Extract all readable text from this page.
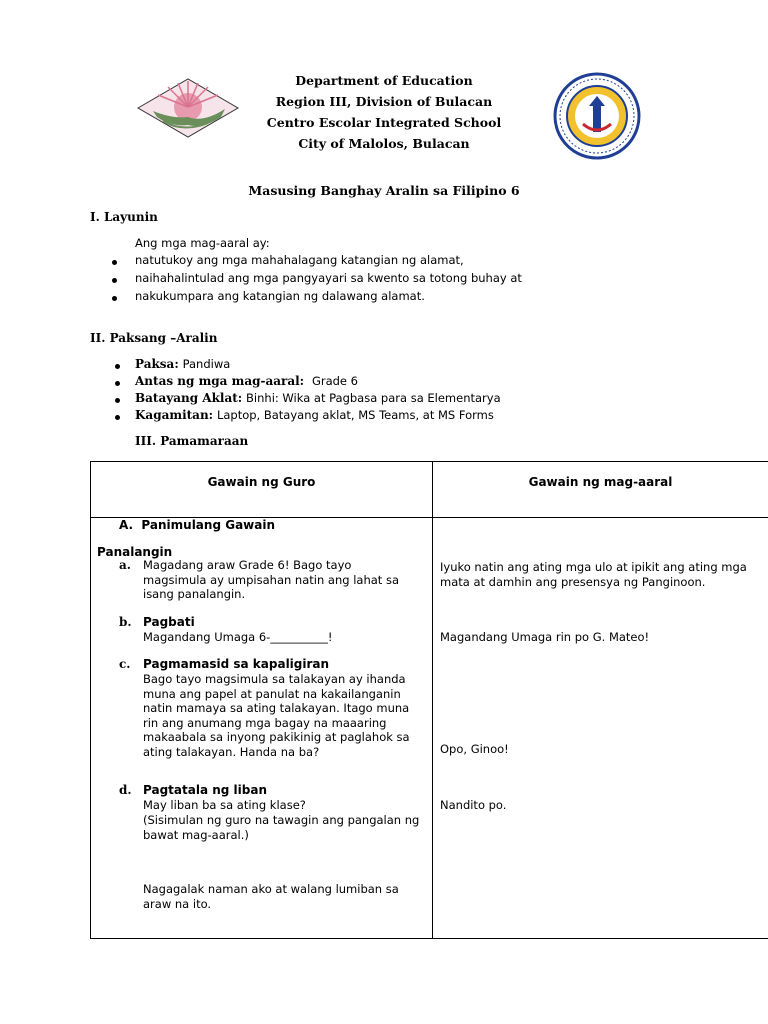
Department of Education
Region III, Division of Bulacan
Centro Escolar Integrated School
City of Malolos, Bulacan
Masusing Banghay Aralin sa Filipino 6
I. Layunin
Ang mga mag-aaral ay:
natutukoy ang mga mahahalagang katangian ng alamat,
naihahalintulad ang mga pangyayari sa kwento sa totong buhay at
nakukumpara ang katangian ng dalawang alamat.
II. Paksang –Aralin
Paksa: Pandiwa
Antas ng mga mag-aaral: Grade 6
Batayang Aklat: Binhi: Wika at Pagbasa para sa Elementarya
Kagamitan: Laptop, Batayang aklat, MS Teams, at MS Forms
III. Pamamaraan
Gawain ng Guro	Gawain ng mag-aaral
A.  Panimulang Gawain
Panalangin
a. Magadang araw Grade 6! Bago tayo magsimula ay umpisahan natin ang lahat sa isang panalangin.
b. Pagbati
Magandang Umaga 6-__________!
c. Pagmamasid sa kapaligiran
Bago tayo magsimula sa talakayan ay ihanda muna ang papel at panulat na kakailanganin natin mamaya sa ating talakayan. Itago muna rin ang anumang mga bagay na maaaring makaabala sa inyong pakikinig at paglahok sa ating talakayan. Handa na ba?
d. Pagtatala ng liban
May liban ba sa ating klase?
(Sisimulan ng guro na tawagin ang pangalan ng bawat mag-aaral.)
Nagagalak naman ako at walang lumiban sa araw na ito.
Iyuko natin ang ating mga ulo at ipikit ang ating mga mata at damhin ang presensya ng Panginoon.
Magandang Umaga rin po G. Mateo!
Opo, Ginoo!
Nandito po.
